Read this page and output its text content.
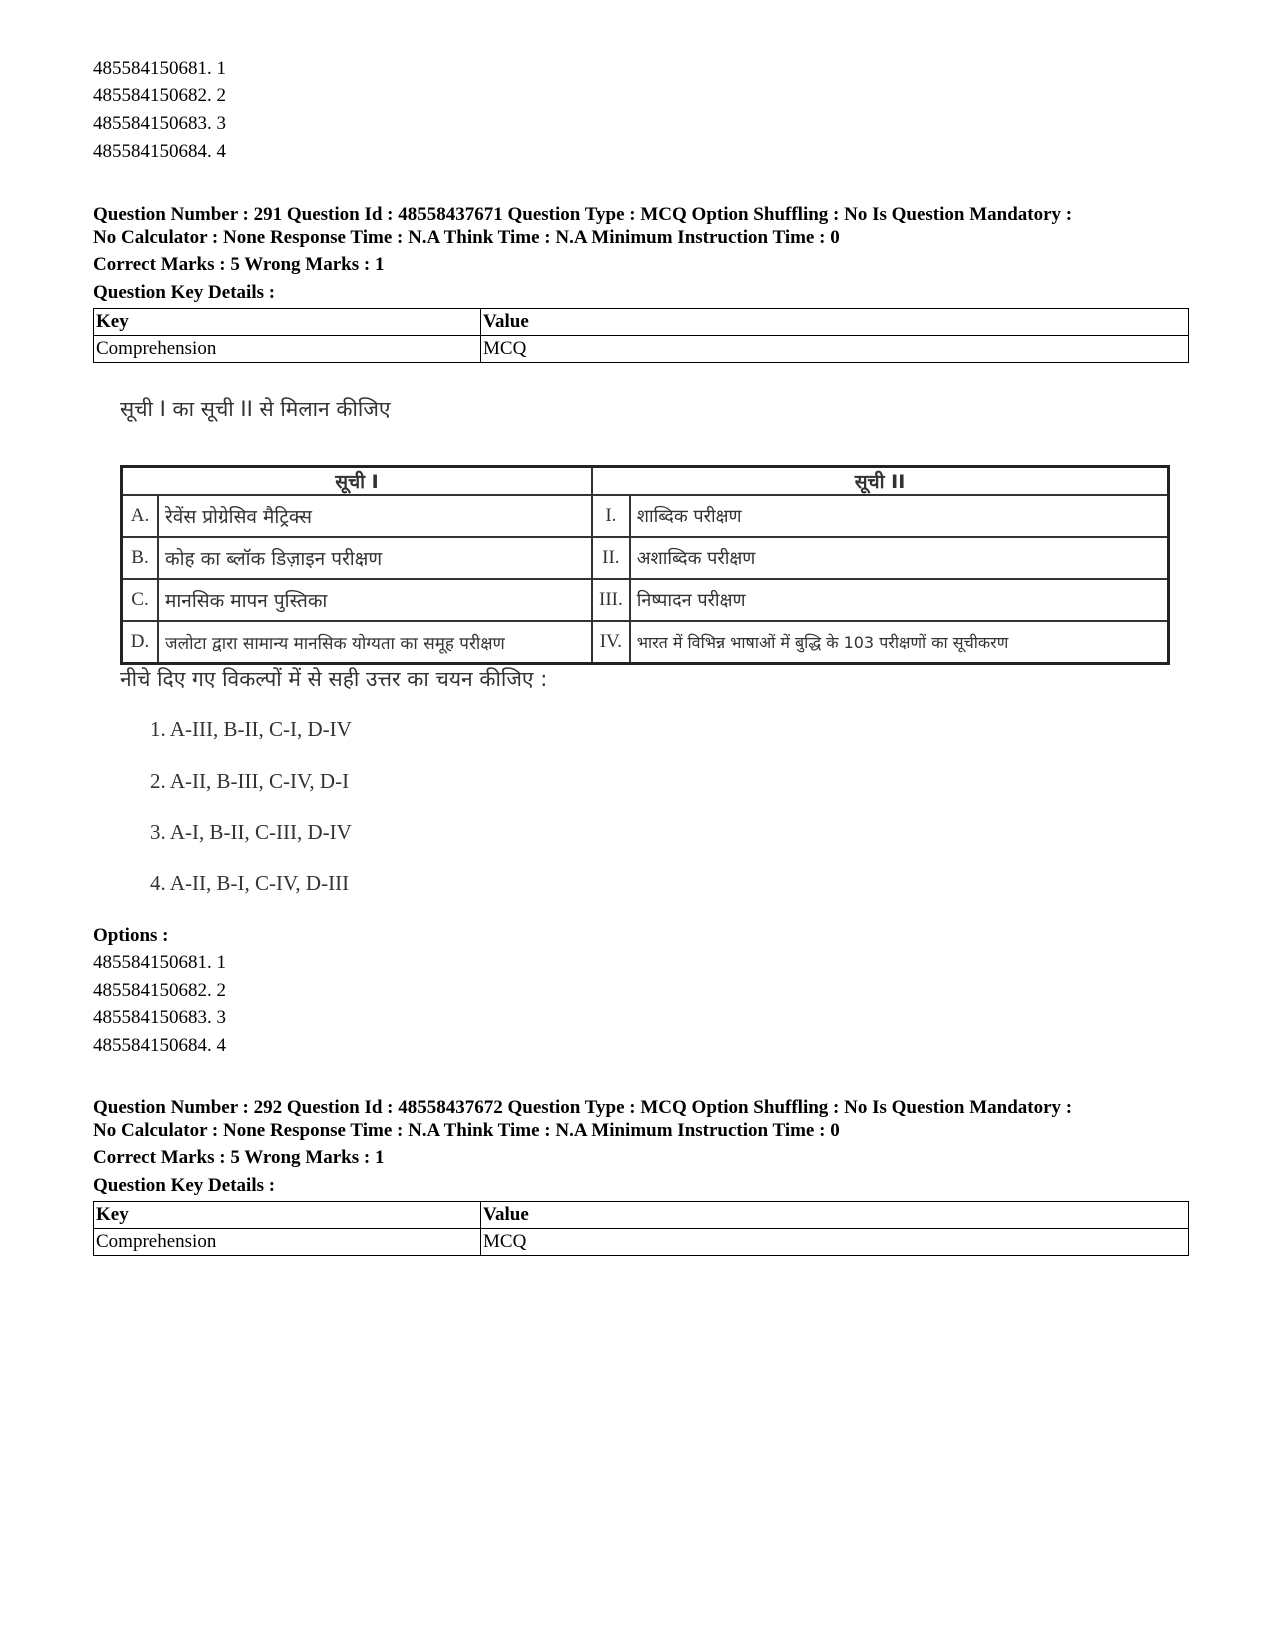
485584150681. 1
485584150682. 2
485584150683. 3
485584150684. 4
Question Number : 291 Question Id : 48558437671 Question Type : MCQ Option Shuffling : No Is Question Mandatory :
No Calculator : None Response Time : N.A Think Time : N.A Minimum Instruction Time : 0
Correct Marks : 5 Wrong Marks : 1
Question Key Details :
Key	Value
Comprehension	MCQ
सूची I का सूची II से मिलान कीजिए
सूची I		सूची II	
A.	रेवेंस प्रोग्रेसिव मैट्रिक्स	I.	शाब्दिक परीक्षण
B.	कोह का ब्लॉक डिज़ाइन परीक्षण	II.	अशाब्दिक परीक्षण
C.	मानसिक मापन पुस्तिका	III.	निष्पादन परीक्षण
D.	जलोटा द्वारा सामान्य मानसिक योग्यता का समूह परीक्षण	IV.	भारत में विभिन्न भाषाओं में बुद्धि के 103 परीक्षणों का सूचीकरण
नीचे दिए गए विकल्पों में से सही उत्तर का चयन कीजिए :
1. A-III, B-II, C-I, D-IV
2. A-II, B-III, C-IV, D-I
3. A-I, B-II, C-III, D-IV
4. A-II, B-I, C-IV, D-III
Options :
485584150681. 1
485584150682. 2
485584150683. 3
485584150684. 4
Question Number : 292 Question Id : 48558437672 Question Type : MCQ Option Shuffling : No Is Question Mandatory :
No Calculator : None Response Time : N.A Think Time : N.A Minimum Instruction Time : 0
Correct Marks : 5 Wrong Marks : 1
Question Key Details :
Key	Value
Comprehension	MCQ
